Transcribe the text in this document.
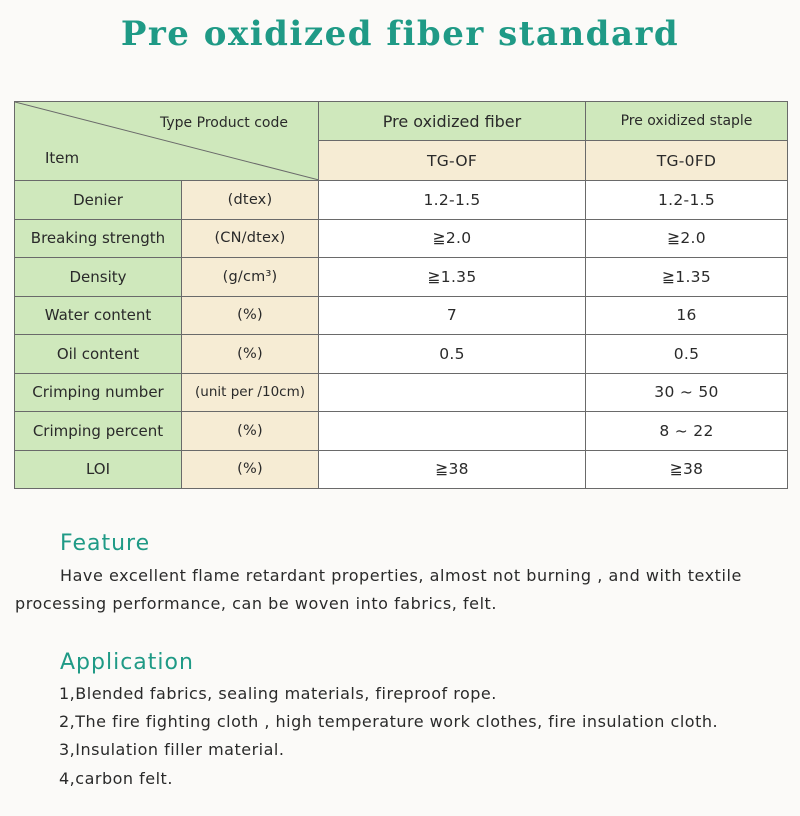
Pre oxidized fiber standard
Type Product code
Item		Pre oxidized fiber	Pre oxidized staple
		TG-OF	TG-0FD
Denier	(dtex)	1.2-1.5	1.2-1.5
Breaking strength	(CN/dtex)	≧2.0	≧2.0
Density	(g/cm³)	≧1.35	≧1.35
Water content	(%)	7	16
Oil content	(%)	0.5	0.5
Crimping number	(unit per /10cm)		30 ~ 50
Crimping percent	(%)		8 ~ 22
LOI	(%)	≧38	≧38
Feature
Have excellent flame retardant properties, almost not burning , and with textile
processing performance, can be woven into fabrics, felt.
Application
1,Blended fabrics, sealing materials, fireproof rope.
2,The fire fighting cloth , high temperature work clothes, fire insulation cloth.
3,Insulation filler material.
4,carbon felt.
